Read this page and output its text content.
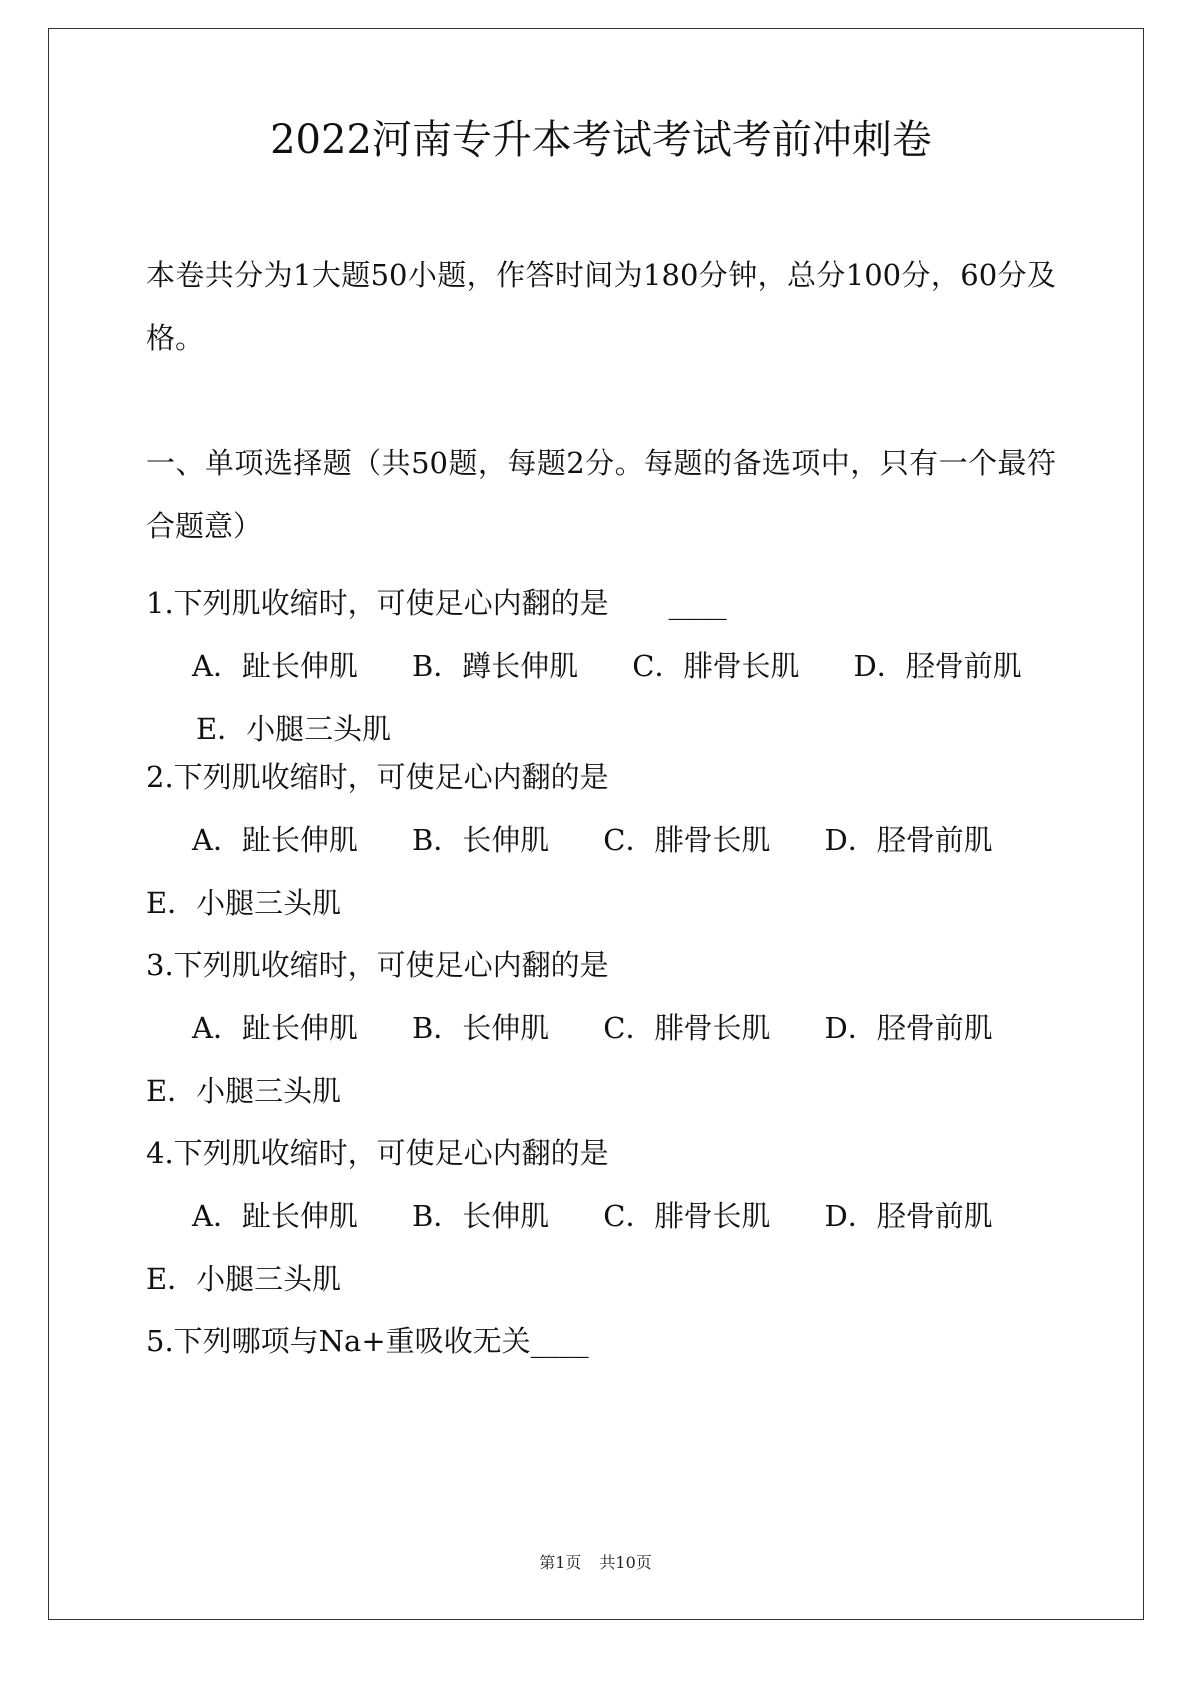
2022河南专升本考试考试考前冲刺卷

本卷共分为1大题50小题，作答时间为180分钟，总分100分，60分及格。

一、单项选择题（共50题，每题2分。每题的备选项中，只有一个最符合题意）

1.下列肌收缩时，可使足心内翻的是 ____
A．趾长伸肌 B．蹲长伸肌 C．腓骨长肌 D．胫骨前肌
E．小腿三头肌
2.下列肌收缩时，可使足心内翻的是
A．趾长伸肌 B．长伸肌 C．腓骨长肌 D．胫骨前肌
E．小腿三头肌
3.下列肌收缩时，可使足心内翻的是
A．趾长伸肌 B．长伸肌 C．腓骨长肌 D．胫骨前肌
E．小腿三头肌
4.下列肌收缩时，可使足心内翻的是
A．趾长伸肌 B．长伸肌 C．腓骨长肌 D．胫骨前肌
E．小腿三头肌
5.下列哪项与Na+重吸收无关____
第1页 共10页
